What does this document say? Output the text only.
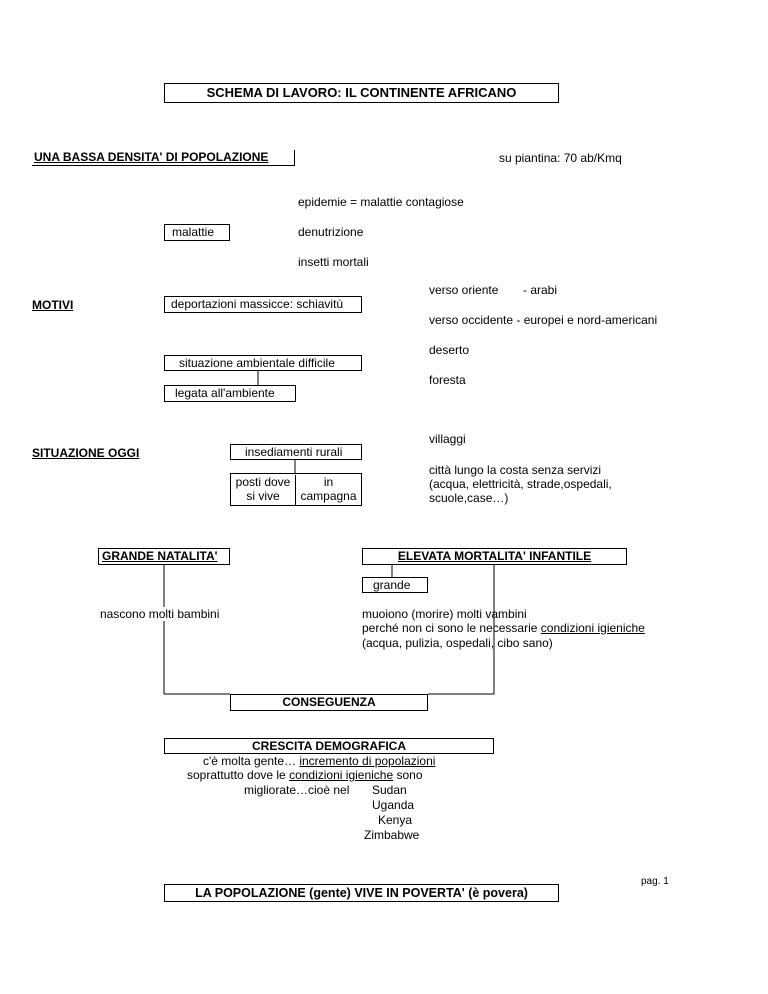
SCHEMA DI LAVORO: IL CONTINENTE AFRICANO
UNA BASSA DENSITA' DI POPOLAZIONE	su piantina: 70 ab/Kmq
epidemie = malattie contagiose
malattie	denutrizione
insetti mortali
verso oriente - arabi
MOTIVI	deportazioni massicce: schiavitù
verso occidente - europei e nord-americani
deserto
situazione ambientale difficile
foresta
legata all'ambiente
villaggi
SITUAZIONE OGGI	insediamenti rurali
città lungo la costa senza servizi
(acqua, elettricità, strade,ospedali,
scuole,case…)
posti dove
si vive
in
campagna
GRANDE NATALITA'	ELEVATA MORTALITA' INFANTILE
grande
nascono molti bambini	muoiono (morire) molti vambini
perché non ci sono le necessarie condizioni igieniche
(acqua, pulizia, ospedali, cibo sano)
CONSEGUENZA
CRESCITA DEMOGRAFICA
c'è molta gente… incremento di popolazioni
soprattutto dove le condizioni igieniche sono
migliorate…cioè nel Sudan
Uganda
Kenya
Zimbabwe
pag. 1
LA POPOLAZIONE (gente) VIVE IN POVERTA' (è povera)
